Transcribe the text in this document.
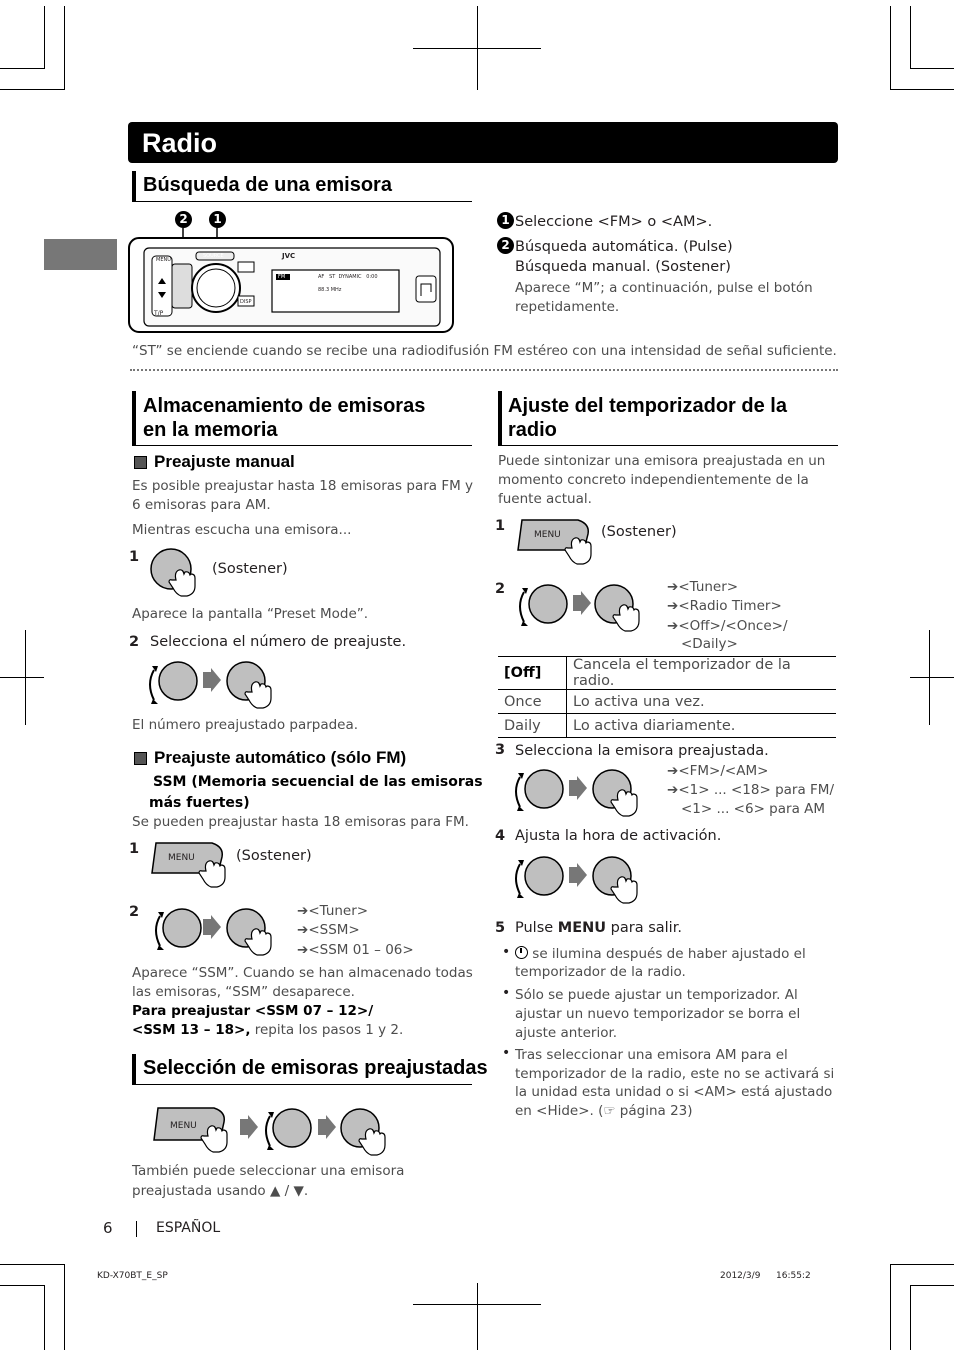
Radio
Búsqueda de una emisora
2	1
MENU
SOURCE	JVC
DISP
T/P
FM	AF   ST  DYNAMIC   0:00
88.3 MHz
1 Seleccione <FM> o <AM>.
2 Búsqueda automática. (Pulse)
Búsqueda manual. (Sostener)
Aparece “M”; a continuación, pulse el botón
repetidamente.
“ST” se enciende cuando se recibe una radiodifusión FM estéreo con una intensidad de señal suficiente.
Almacenamiento de emisoras
en la memoria
Preajuste manual
Es posible preajustar hasta 18 emisoras para FM y
6 emisoras para AM.
Mientras escucha una emisora...
1
(Sostener)
Aparece la pantalla “Preset Mode”.
2 Selecciona el número de preajuste.
El número preajustado parpadea.
Preajuste automático (sólo FM)
SSM (Memoria secuencial de las emisoras
más fuertes)
Se pueden preajustar hasta 18 emisoras para FM.
1
MENU	(Sostener)
2	➔<Tuner>
➔<SSM>
➔<SSM 01 – 06>
Aparece “SSM”. Cuando se han almacenado todas
las emisoras, “SSM” desaparece.
Para preajustar <SSM 07 – 12>/
<SSM 13 – 18>, repita los pasos 1 y 2.
Selección de emisoras preajustadas
MENU
También puede seleccionar una emisora
preajustada usando ▲ / ▼.
Ajuste del temporizador de la
radio
Puede sintonizar una emisora preajustada en un
momento concreto independientemente de la
fuente actual.
1
MENU	(Sostener)
2	➔<Tuner>
➔<Radio Timer>
➔<Off>/<Once>/
<Daily>
[Off]	Cancela el temporizador de la radio.
Once	Lo activa una vez.
Daily	Lo activa diariamente.
3 Selecciona la emisora preajustada.
➔<FM>/<AM>
➔<1> ... <18> para FM/
<1> ... <6> para AM
4 Ajusta la hora de activación.
5 Pulse MENU para salir.
•	se ilumina después de haber ajustado el
temporizador de la radio.
• Sólo se puede ajustar un temporizador. Al
ajustar un nuevo temporizador se borra el
ajuste anterior.
• Tras seleccionar una emisora AM para el
temporizador de la radio, este no se activará si
la unidad esta unidad o si <AM> está ajustado
en <Hide>. (☞ página 23)
6	ESPAÑOL
KD-X70BT_E_SP	2012/3/9 16:55:2
